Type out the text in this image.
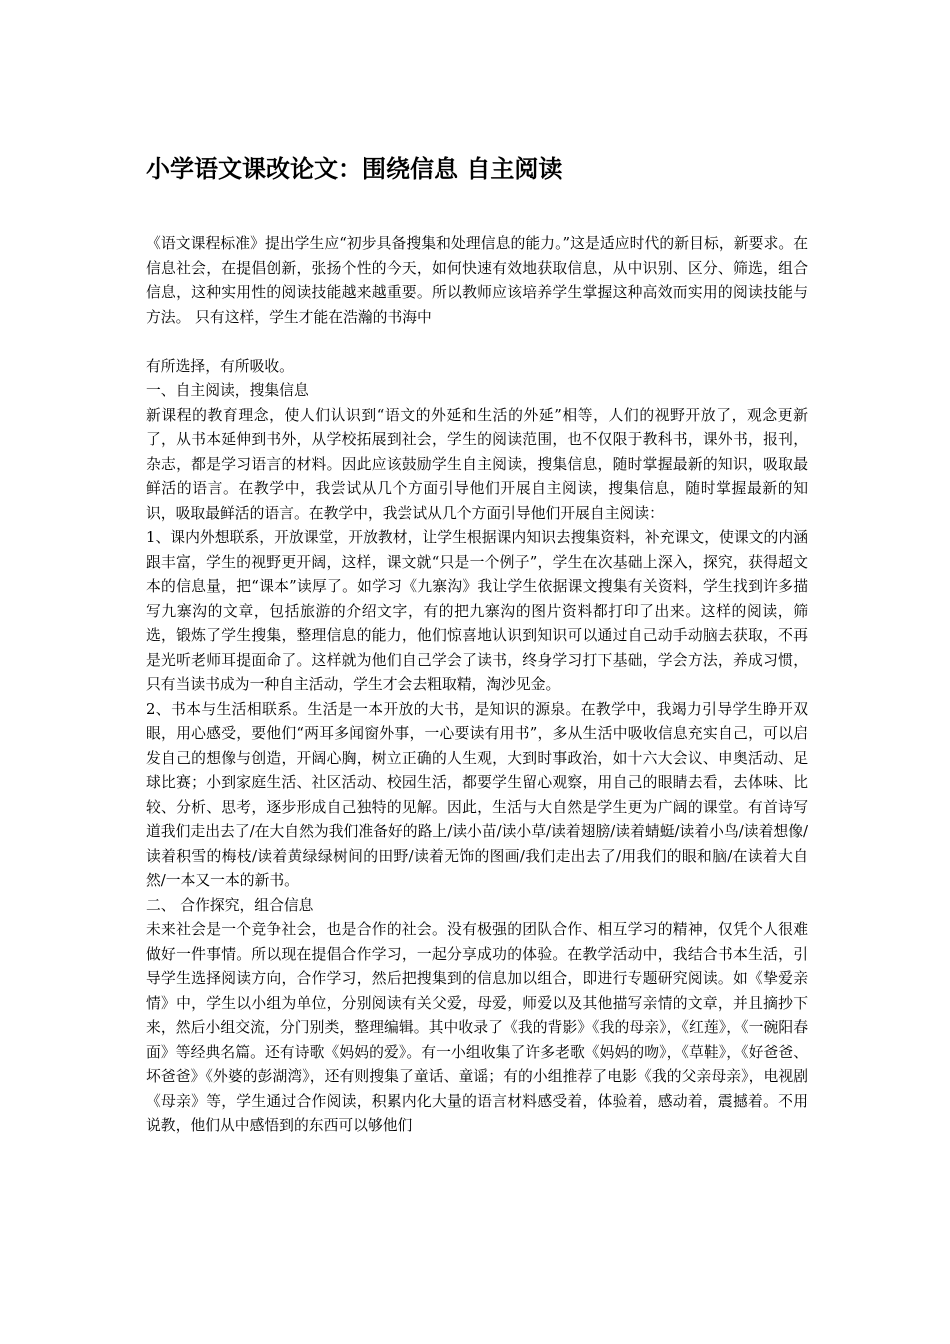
小学语文课改论文：围绕信息 自主阅读

《语文课程标准》提出学生应“初步具备搜集和处理信息的能力。”这是适应时代的新目标，新要求。在信息社会，在提倡创新，张扬个性的今天，如何快速有效地获取信息，从中识别、区分、筛选，组合信息，这种实用性的阅读技能越来越重要。所以教师应该培养学生掌握这种高效而实用的阅读技能与方法。 只有这样，学生才能在浩瀚的书海中

有所选择，有所吸收。

一、自主阅读，搜集信息

新课程的教育理念，使人们认识到“语文的外延和生活的外延”相等，人们的视野开放了，观念更新了，从书本延伸到书外，从学校拓展到社会，学生的阅读范围，也不仅限于教科书，课外书，报刊，杂志，都是学习语言的材料。因此应该鼓励学生自主阅读，搜集信息，随时掌握最新的知识，吸取最鲜活的语言。在教学中，我尝试从几个方面引导他们开展自主阅读，搜集信息，随时掌握最新的知识，吸取最鲜活的语言。在教学中，我尝试从几个方面引导他们开展自主阅读：

1、课内外想联系，开放课堂，开放教材，让学生根据课内知识去搜集资料，补充课文，使课文的内涵跟丰富，学生的视野更开阔，这样，课文就“只是一个例子”，学生在次基础上深入，探究，获得超文本的信息量，把“课本”读厚了。如学习《九寨沟》我让学生依据课文搜集有关资料，学生找到许多描写九寨沟的文章，包括旅游的介绍文字，有的把九寨沟的图片资料都打印了出来。这样的阅读，筛选，锻炼了学生搜集，整理信息的能力，他们惊喜地认识到知识可以通过自己动手动脑去获取，不再是光听老师耳提面命了。这样就为他们自己学会了读书，终身学习打下基础，学会方法，养成习惯，只有当读书成为一种自主活动，学生才会去粗取精，淘沙见金。

2、书本与生活相联系。生活是一本开放的大书，是知识的源泉。在教学中，我竭力引导学生睁开双眼，用心感受，要他们“两耳多闻窗外事，一心要读有用书”，多从生活中吸收信息充实自己，可以启发自己的想像与创造，开阔心胸，树立正确的人生观，大到时事政治，如十六大会议、申奥活动、足球比赛；小到家庭生活、社区活动、校园生活，都要学生留心观察，用自己的眼睛去看，去体味、比较、分析、思考，逐步形成自己独特的见解。因此，生活与大自然是学生更为广阔的课堂。有首诗写道我们走出去了/在大自然为我们准备好的路上/读小苗/读小草/读着翅膀/读着蜻蜓/读着小鸟/读着想像/读着积雪的梅枝/读着黄绿绿树间的田野/读着无饰的图画/我们走出去了/用我们的眼和脑/在读着大自然/一本又一本的新书。

二、 合作探究，组合信息

未来社会是一个竞争社会，也是合作的社会。没有极强的团队合作、相互学习的精神，仅凭个人很难做好一件事情。所以现在提倡合作学习，一起分享成功的体验。在教学活动中，我结合书本生活，引导学生选择阅读方向，合作学习，然后把搜集到的信息加以组合，即进行专题研究阅读。如《挚爱亲情》中，学生以小组为单位，分别阅读有关父爱，母爱，师爱以及其他描写亲情的文章，并且摘抄下来，然后小组交流，分门别类，整理编辑。其中收录了《我的背影》《我的母亲》，《红莲》，《一碗阳春面》等经典名篇。还有诗歌《妈妈的爱》。有一小组收集了许多老歌《妈妈的吻》，《草鞋》，《好爸爸、坏爸爸》《外婆的彭湖湾》，还有则搜集了童话、童谣；有的小组推荐了电影《我的父亲母亲》，电视剧《母亲》等，学生通过合作阅读，积累内化大量的语言材料感受着，体验着，感动着，震撼着。不用说教，他们从中感悟到的东西可以够他们
